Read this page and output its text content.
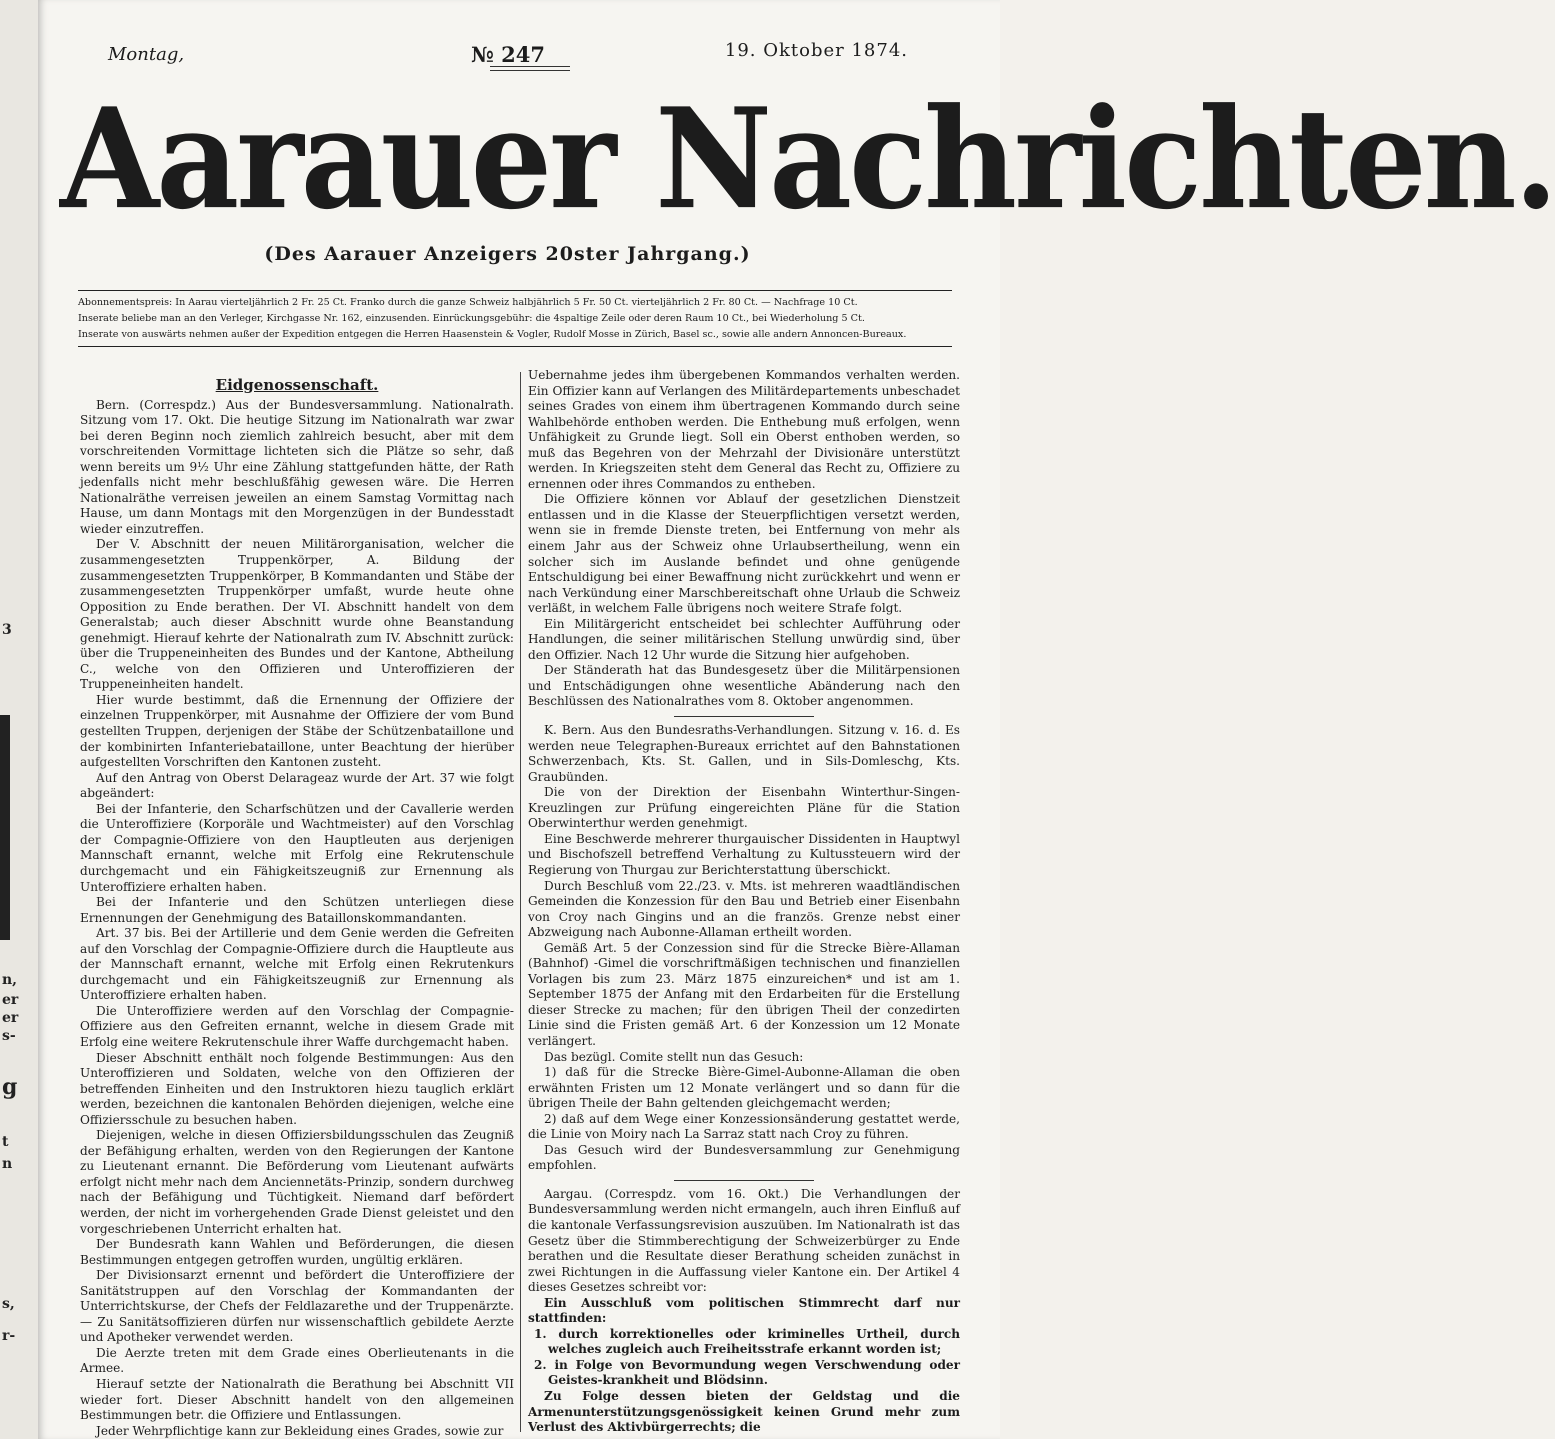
3
n,
er
er
s-
g
t
n
s,
r-
Montag,	№ 247	19. Oktober 1874.
Aarauer Nachrichten.
(Des Aarauer Anzeigers 20ster Jahrgang.)
Abonnementspreis: In Aarau vierteljährlich 2 Fr. 25 Ct. Franko durch die ganze Schweiz halbjährlich 5 Fr. 50 Ct. vierteljährlich 2 Fr. 80 Ct. — Nachfrage 10 Ct.
Inserate beliebe man an den Verleger, Kirchgasse Nr. 162, einzusenden. Einrückungsgebühr: die 4spaltige Zeile oder deren Raum 10 Ct., bei Wiederholung 5 Ct.
Inserate von auswärts nehmen außer der Expedition entgegen die Herren Haasenstein & Vogler, Rudolf Mosse in Zürich, Basel sc., sowie alle andern Annoncen-Bureaux.
Eidgenossenschaft.

Bern. (Correspdz.) Aus der Bundesversammlung. Nationalrath. Sitzung vom 17. Okt. Die heutige Sitzung im Nationalrath war zwar bei deren Beginn noch ziemlich zahlreich besucht, aber mit dem vorschreitenden Vormittage lichteten sich die Plätze so sehr, daß wenn bereits um 9½ Uhr eine Zählung stattgefunden hätte, der Rath jedenfalls nicht mehr beschlußfähig gewesen wäre. Die Herren Nationalräthe verreisen jeweilen an einem Samstag Vormittag nach Hause, um dann Montags mit den Morgenzügen in der Bundesstadt wieder einzutreffen.

Der V. Abschnitt der neuen Militärorganisation, welcher die zusammengesetzten Truppenkörper, A. Bildung der zusammengesetzten Truppenkörper, B Kommandanten und Stäbe der zusammengesetzten Truppenkörper umfaßt, wurde heute ohne Opposition zu Ende berathen. Der VI. Abschnitt handelt von dem Generalstab; auch dieser Abschnitt wurde ohne Beanstandung genehmigt. Hierauf kehrte der Nationalrath zum IV. Abschnitt zurück: über die Truppeneinheiten des Bundes und der Kantone, Abtheilung C., welche von den Offizieren und Unteroffizieren der Truppeneinheiten handelt.

Hier wurde bestimmt, daß die Ernennung der Offiziere der einzelnen Truppenkörper, mit Ausnahme der Offiziere der vom Bund gestellten Truppen, derjenigen der Stäbe der Schützenbataillone und der kombinirten Infanteriebataillone, unter Beachtung der hierüber aufgestellten Vorschriften den Kantonen zusteht.

Auf den Antrag von Oberst Delarageaz wurde der Art. 37 wie folgt abgeändert:

Bei der Infanterie, den Scharfschützen und der Cavallerie werden die Unteroffiziere (Korporäle und Wachtmeister) auf den Vorschlag der Compagnie-Offiziere von den Hauptleuten aus derjenigen Mannschaft ernannt, welche mit Erfolg eine Rekrutenschule durchgemacht und ein Fähigkeitszeugniß zur Ernennung als Unteroffiziere erhalten haben.

Bei der Infanterie und den Schützen unterliegen diese Ernennungen der Genehmigung des Bataillonskommandanten.

Art. 37 bis. Bei der Artillerie und dem Genie werden die Gefreiten auf den Vorschlag der Compagnie-Offiziere durch die Hauptleute aus der Mannschaft ernannt, welche mit Erfolg einen Rekrutenkurs durchgemacht und ein Fähigkeitszeugniß zur Ernennung als Unteroffiziere erhalten haben.

Die Unteroffiziere werden auf den Vorschlag der Compagnie-Offiziere aus den Gefreiten ernannt, welche in diesem Grade mit Erfolg eine weitere Rekrutenschule ihrer Waffe durchgemacht haben.

Dieser Abschnitt enthält noch folgende Bestimmungen: Aus den Unteroffizieren und Soldaten, welche von den Offizieren der betreffenden Einheiten und den Instruktoren hiezu tauglich erklärt werden, bezeichnen die kantonalen Behörden diejenigen, welche eine Offiziersschule zu besuchen haben.

Diejenigen, welche in diesen Offiziersbildungsschulen das Zeugniß der Befähigung erhalten, werden von den Regierungen der Kantone zu Lieutenant ernannt. Die Beförderung vom Lieutenant aufwärts erfolgt nicht mehr nach dem Anciennetäts-Prinzip, sondern durchweg nach der Befähigung und Tüchtigkeit. Niemand darf befördert werden, der nicht im vorhergehenden Grade Dienst geleistet und den vorgeschriebenen Unterricht erhalten hat.

Der Bundesrath kann Wahlen und Beförderungen, die diesen Bestimmungen entgegen getroffen wurden, ungültig erklären.

Der Divisionsarzt ernennt und befördert die Unteroffiziere der Sanitätstruppen auf den Vorschlag der Kommandanten der Unterrichtskurse, der Chefs der Feldlazarethe und der Truppenärzte. — Zu Sanitätsoffizieren dürfen nur wissenschaftlich gebildete Aerzte und Apotheker verwendet werden.

Die Aerzte treten mit dem Grade eines Oberlieutenants in die Armee.

Hierauf setzte der Nationalrath die Berathung bei Abschnitt VII wieder fort. Dieser Abschnitt handelt von den allgemeinen Bestimmungen betr. die Offiziere und Entlassungen.

Jeder Wehrpflichtige kann zur Bekleidung eines Grades, sowie zur

Uebernahme jedes ihm übergebenen Kommandos verhalten werden. Ein Offizier kann auf Verlangen des Militärdepartements unbeschadet seines Grades von einem ihm übertragenen Kommando durch seine Wahlbehörde enthoben werden. Die Enthebung muß erfolgen, wenn Unfähigkeit zu Grunde liegt. Soll ein Oberst enthoben werden, so muß das Begehren von der Mehrzahl der Divisionäre unterstützt werden. In Kriegszeiten steht dem General das Recht zu, Offiziere zu ernennen oder ihres Commandos zu entheben.

Die Offiziere können vor Ablauf der gesetzlichen Dienstzeit entlassen und in die Klasse der Steuerpflichtigen versetzt werden, wenn sie in fremde Dienste treten, bei Entfernung von mehr als einem Jahr aus der Schweiz ohne Urlaubsertheilung, wenn ein solcher sich im Auslande befindet und ohne genügende Entschuldigung bei einer Bewaffnung nicht zurückkehrt und wenn er nach Verkündung einer Marschbereitschaft ohne Urlaub die Schweiz verläßt, in welchem Falle übrigens noch weitere Strafe folgt.

Ein Militärgericht entscheidet bei schlechter Aufführung oder Handlungen, die seiner militärischen Stellung unwürdig sind, über den Offizier. Nach 12 Uhr wurde die Sitzung hier aufgehoben.

Der Ständerath hat das Bundesgesetz über die Militärpensionen und Entschädigungen ohne wesentliche Abänderung nach den Beschlüssen des Nationalrathes vom 8. Oktober angenommen.

K. Bern. Aus den Bundesraths-Verhandlungen. Sitzung v. 16. d. Es werden neue Telegraphen-Bureaux errichtet auf den Bahnstationen Schwerzenbach, Kts. St. Gallen, und in Sils-Domleschg, Kts. Graubünden.

Die von der Direktion der Eisenbahn Winterthur-Singen-Kreuzlingen zur Prüfung eingereichten Pläne für die Station Oberwinterthur werden genehmigt.

Eine Beschwerde mehrerer thurgauischer Dissidenten in Hauptwyl und Bischofszell betreffend Verhaltung zu Kultussteuern wird der Regierung von Thurgau zur Berichterstattung überschickt.

Durch Beschluß vom 22./23. v. Mts. ist mehreren waadtländischen Gemeinden die Konzession für den Bau und Betrieb einer Eisenbahn von Croy nach Gingins und an die französ. Grenze nebst einer Abzweigung nach Aubonne-Allaman ertheilt worden.

Gemäß Art. 5 der Conzession sind für die Strecke Bière-Allaman (Bahnhof) -Gimel die vorschriftmäßigen technischen und finanziellen Vorlagen bis zum 23. März 1875 einzureichen* und ist am 1. September 1875 der Anfang mit den Erdarbeiten für die Erstellung dieser Strecke zu machen; für den übrigen Theil der conzedirten Linie sind die Fristen gemäß Art. 6 der Konzession um 12 Monate verlängert.

Das bezügl. Comite stellt nun das Gesuch:

1) daß für die Strecke Bière-Gimel-Aubonne-Allaman die oben erwähnten Fristen um 12 Monate verlängert und so dann für die übrigen Theile der Bahn geltenden gleichgemacht werden;

2) daß auf dem Wege einer Konzessionsänderung gestattet werde, die Linie von Moiry nach La Sarraz statt nach Croy zu führen.

Das Gesuch wird der Bundesversammlung zur Genehmigung empfohlen.

Aargau. (Correspdz. vom 16. Okt.) Die Verhandlungen der Bundesversammlung werden nicht ermangeln, auch ihren Einfluß auf die kantonale Verfassungsrevision auszuüben. Im Nationalrath ist das Gesetz über die Stimmberechtigung der Schweizerbürger zu Ende berathen und die Resultate dieser Berathung scheiden zunächst in zwei Richtungen in die Auffassung vieler Kantone ein. Der Artikel 4 dieses Gesetzes schreibt vor:

Ein Ausschluß vom politischen Stimmrecht darf nur stattfinden:

1. durch korrektionelles oder kriminelles Urtheil, durch welches zugleich auch Freiheitsstrafe erkannt worden ist;

2. in Folge von Bevormundung wegen Verschwendung oder Geistes-krankheit und Blödsinn.

Zu Folge dessen bieten der Geldstag und die Armenunterstützungsgenössigkeit keinen Grund mehr zum Verlust des Aktivbürgerrechts; die
